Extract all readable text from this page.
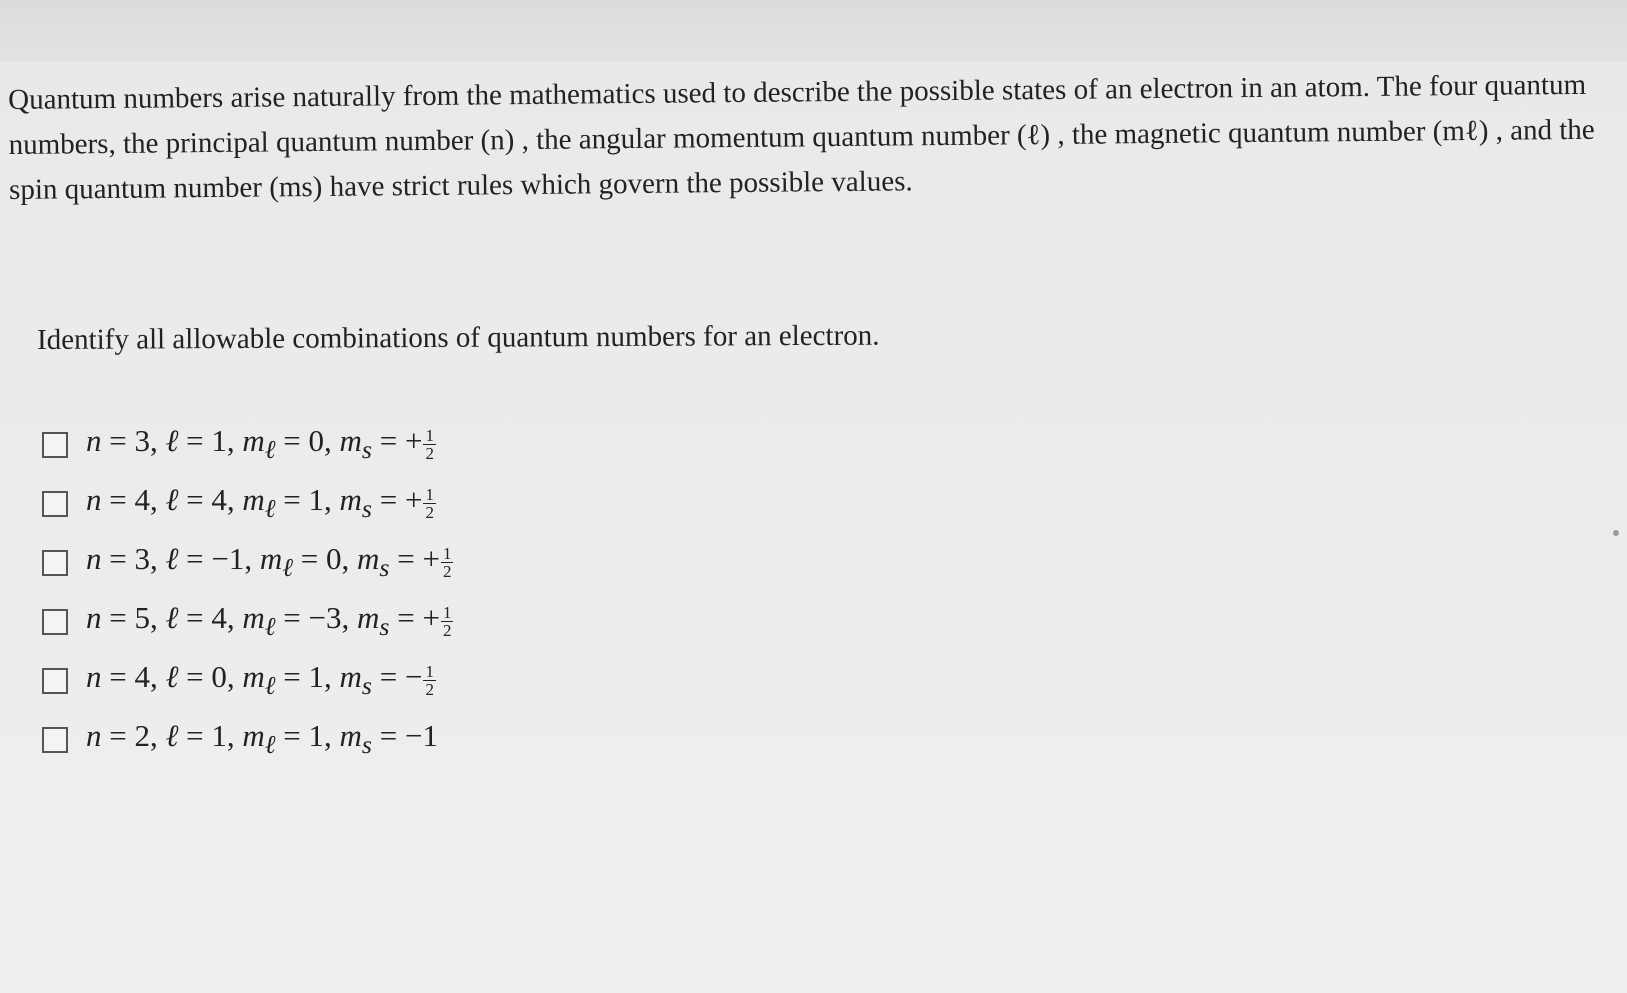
Quantum numbers arise naturally from the mathematics used to describe the possible states of an electron in an atom. The four quantum numbers, the principal quantum number (n) , the angular momentum quantum number (ℓ) , the magnetic quantum number (mℓ) , and the spin quantum number (ms) have strict rules which govern the possible values.
Identify all allowable combinations of quantum numbers for an electron.
n = 3, ℓ = 1, $m_\ell = 0$, $m_s$ = + $\frac{1}{2}$
n = 4, ℓ = 4, $m_\ell = 1$, $m_s$ = + $\frac{1}{2}$
n = 3, ℓ = −1, $m_\ell = 0$, $m_s$ = + $\frac{1}{2}$
n = 5, ℓ = 4, $m_\ell = -3$, $m_s$ = + $\frac{1}{2}$
n = 4, ℓ = 0, $m_\ell = 1$, $m_s$ = − $\frac{1}{2}$
n = 2, ℓ = 1, $m_\ell = 1$, $m_s = -1$
